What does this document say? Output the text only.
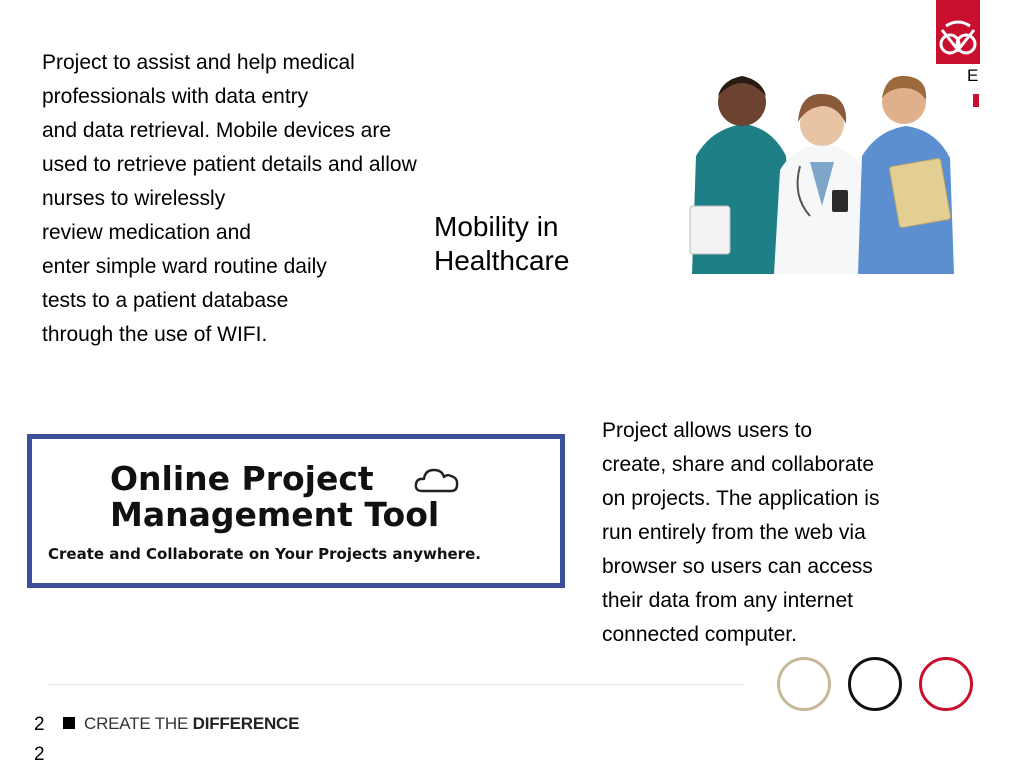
Project to assist and help medical
professionals with data entry
and data retrieval. Mobile devices are
used to retrieve patient details and allow
nurses to wirelessly
review medication and
enter simple ward routine daily
tests to a patient database
through the use of WIFI.
Mobility in
Healthcare
Online Project
Management Tool
Create and Collaborate on Your Projects anywhere.
Project allows users to
create, share and collaborate
on projects. The application is
run entirely from the web via
browser so users can access
their data from any internet
connected computer.
E
2
2
CREATE THE DIFFERENCE
